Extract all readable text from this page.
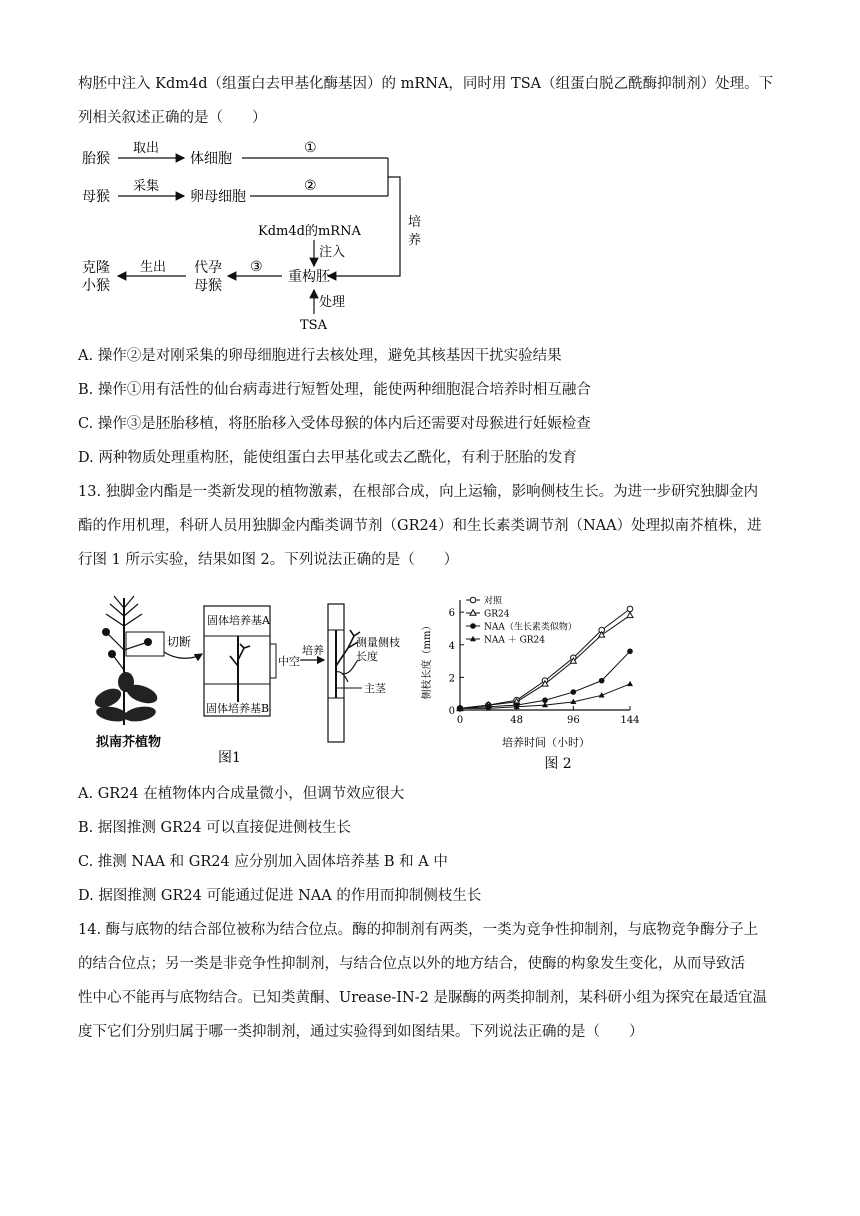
构胚中注入 Kdm4d（组蛋白去甲基化酶基因）的 mRNA，同时用 TSA（组蛋白脱乙酰酶抑制剂）处理。下
列相关叙述正确的是（　　）
胎猴
取出
体细胞
①
母猴
采集
卵母细胞
②
培
养
Kdm4d的mRNA
注入
重构胚
处理
TSA
③
代孕
母猴
生出
克隆
小猴
A. 操作②是对刚采集的卵母细胞进行去核处理，避免其核基因干扰实验结果
B. 操作①用有活性的仙台病毒进行短暂处理，能使两种细胞混合培养时相互融合
C. 操作③是胚胎移植，将胚胎移入受体母猴的体内后还需要对母猴进行妊娠检查
D. 两种物质处理重构胚，能使组蛋白去甲基化或去乙酰化，有利于胚胎的发育
13. 独脚金内酯是一类新发现的植物激素，在根部合成，向上运输，影响侧枝生长。为进一步研究独脚金内
酯的作用机理，科研人员用独脚金内酯类调节剂（GR24）和生长素类调节剂（NAA）处理拟南芥植株，进
行图 1 所示实验，结果如图 2。下列说法正确的是（　　）
切断
固体培养基A
固体培养基B
中空
培养
测量侧枝
长度
主茎
拟南芥植物
图1
0	48	96	144
0
2
4
6
对照
GR24
NAA（生长素类似物）
NAA ＋ GR24
培养时间（小时）
侧枝长度（mm）
图 2
A. GR24 在植物体内合成量微小，但调节效应很大
B. 据图推测 GR24 可以直接促进侧枝生长
C. 推测 NAA 和 GR24 应分别加入固体培养基 B 和 A 中
D. 据图推测 GR24 可能通过促进 NAA 的作用而抑制侧枝生长
14. 酶与底物的结合部位被称为结合位点。酶的抑制剂有两类，一类为竞争性抑制剂，与底物竞争酶分子上
的结合位点；另一类是非竞争性抑制剂，与结合位点以外的地方结合，使酶的构象发生变化，从而导致活
性中心不能再与底物结合。已知类黄酮、Urease-IN-2 是脲酶的两类抑制剂，某科研小组为探究在最适宜温
度下它们分别归属于哪一类抑制剂，通过实验得到如图结果。下列说法正确的是（　　）
